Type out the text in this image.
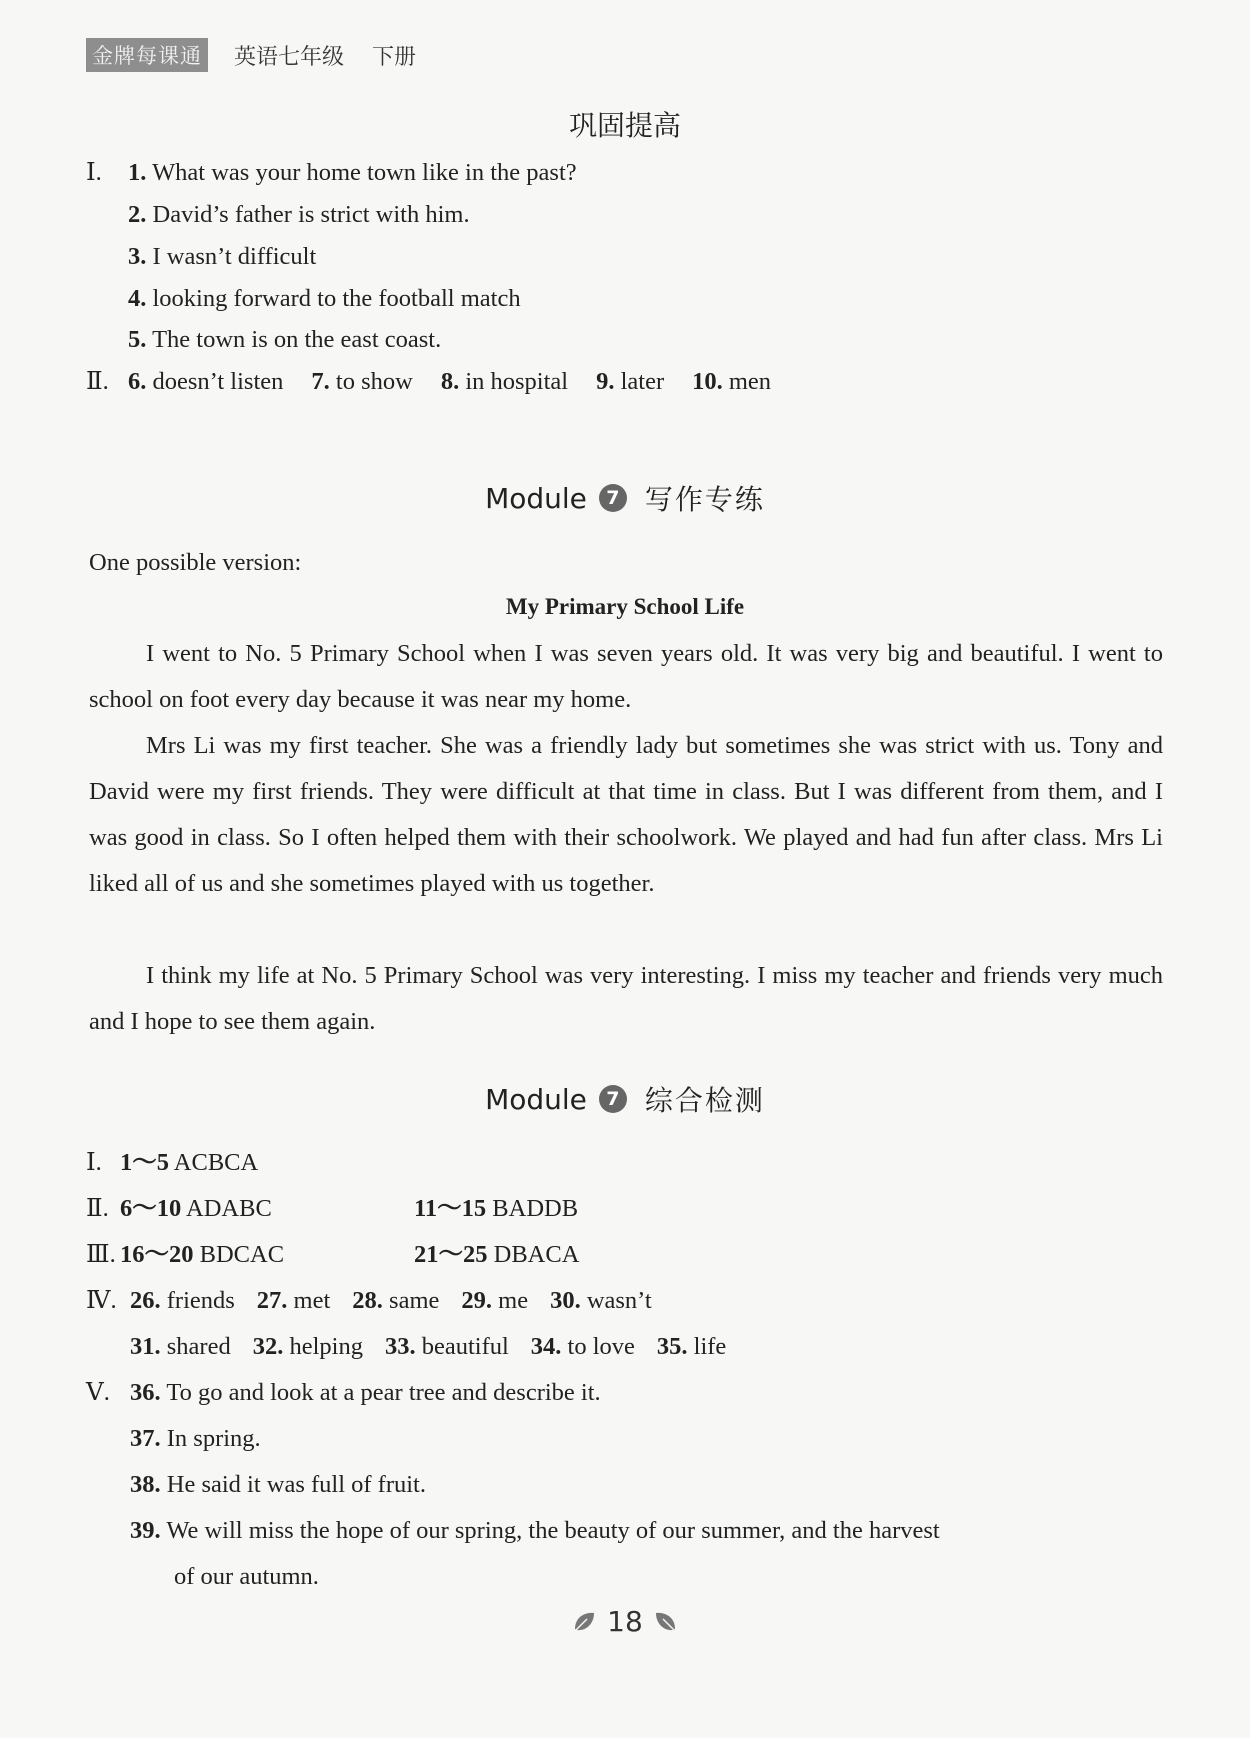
金牌每课通 英语七年级 下册
巩固提高
Ⅰ. 1. What was your home town like in the past?
2. David’s father is strict with him.
3. I wasn’t difficult
4. looking forward to the football match
5. The town is on the east coast.
Ⅱ. 6. doesn’t listen 7. to show 8. in hospital 9. later 10. men
Module	7 写作专练
One possible version:
My Primary School Life
I went to No. 5 Primary School when I was seven years old. It was very big and beautiful. I went to school on foot every day because it was near my home.
Mrs Li was my first teacher. She was a friendly lady but sometimes she was strict with us. Tony and David were my first friends. They were difficult at that time in class. But I was different from them, and I was good in class. So I often helped them with their schoolwork. We played and had fun after class. Mrs Li liked all of us and she sometimes played with us together.
I think my life at No. 5 Primary School was very interesting. I miss my teacher and friends very much and I hope to see them again.
Module	7 综合检测
Ⅰ. 1～5 ACBCA
Ⅱ. 6～10 ADABC	11～15 BADDB
Ⅲ. 16～20 BDCAC	21～25 DBACA
Ⅳ. 26. friends 27. met 28. same 29. me 30. wasn’t
31. shared 32. helping 33. beautiful 34. to love 35. life
Ⅴ. 36. To go and look at a pear tree and describe it.
37. In spring.
38. He said it was full of fruit.
39. We will miss the hope of our spring, the beauty of our summer, and the harvest
of our autumn.
18
